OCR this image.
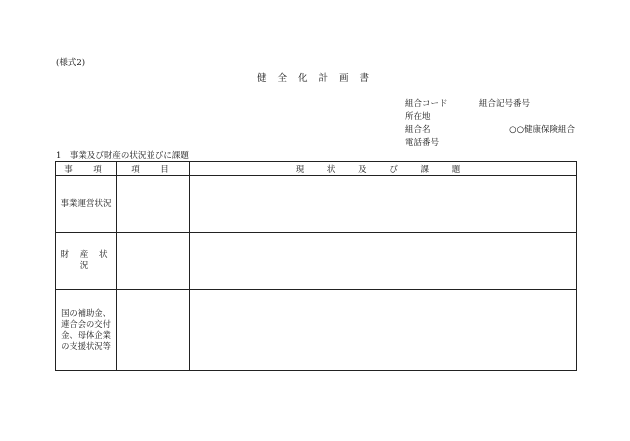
(様式2)
健 全 化 計 画 書
組合コード	組合記号番号
所在地
組合名	○○健康保険組合
電話番号
1　事業及び財産の状況並びに課題
事　項	項　目	現 状 及 び 課 題
事業運営状況		
財 産 状 況		
国の補助金、連合会の交付金、母体企業の支援状況等		
